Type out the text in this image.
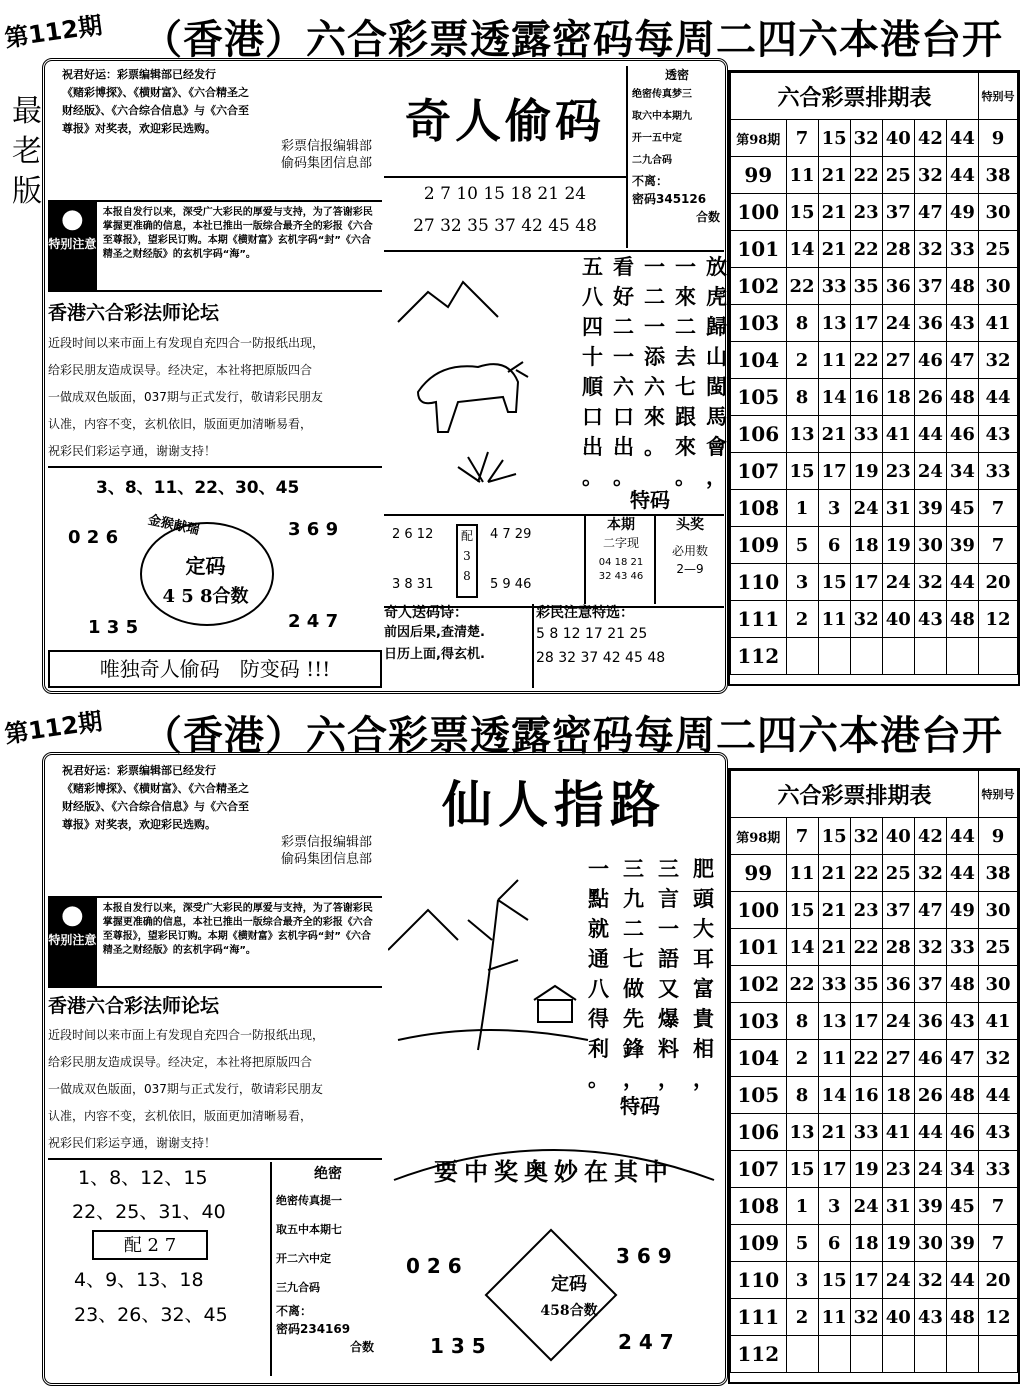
第112期 （香港）六合彩票透露密码每周二四六本港台开
最
老
版
祝君好运：彩票编辑部已经发行
《赌彩博探》、《横财富》、《六合精圣之
财经版》、《六合综合信息》与《六合至
尊报》对奖表，欢迎彩民选购。
彩票信报编辑部
偷码集团信息部
●
特别注意
本报自发行以来，深受广大彩民的厚爱与支持，为了答谢彩民掌握更准确的信息，本社已推出一版综合最齐全的彩报《六合至尊报》，望彩民订购。本期《横财富》玄机字码“封”《六合精圣之财经版》的玄机字码“海”。
香港六合彩法师论坛
近段时间以来市面上有发现自充四合一防报纸出现，
给彩民朋友造成误导。经决定，本社将把原版四合
一做成双色版面，037期与正式发行，敬请彩民朋友
认准，内容不变，玄机依旧，版面更加清晰易看，
祝彩民们彩运亨通，谢谢支持！
3、8、11、22、30、45
金猴献瑞
0 2 6	3 6 9
定码
4 5 8合数
1 3 5	2 4 7
唯独奇人偷码　防变码 !!!
奇人偷码
2 7 10 15 18 21 24
27 32 35 37 42 45 48
透密
绝密传真梦三
取六中本期九
开一五中定
二九合码
不离：
密码345126
合数
放
虎
歸
山
閩
馬
會
，
一
來
二
去
七
跟
來
。
一
二
一
添
六
來
。
看
好
二
一
六
口
出
。
五
八
四
十
順
口
出
。
特码
2 6 12
3 8 31
配
3 8
4 7 29
5 9 46
本期
二字现
04 18 21
32 43 46
头奖
必用数
2—9
奇人送码诗：
前因后果,查清楚.
日历上面,得玄机.
彩民注意特选：
5 8 12 17 21 25
28 32 37 42 45 48
六合彩票排期表							特别号
第98期	7	15	32	40	42	44	9
99	11	21	22	25	32	44	38
100	15	21	23	37	47	49	30
101	14	21	22	28	32	33	25
102	22	33	35	36	37	48	30
103	8	13	17	24	36	43	41
104	2	11	22	27	46	47	32
105	8	14	16	18	26	48	44
106	13	21	33	41	44	46	43
107	15	17	19	23	24	34	33
108	1	3	24	31	39	45	7
109	5	6	18	19	30	39	7
110	3	15	17	24	32	44	20
111	2	11	32	40	43	48	12
112							
第112期 （香港）六合彩票透露密码每周二四六本港台开
祝君好运：彩票编辑部已经发行
《赌彩博探》、《横财富》、《六合精圣之
财经版》、《六合综合信息》与《六合至
尊报》对奖表，欢迎彩民选购。
彩票信报编辑部
偷码集团信息部
●
特别注意
本报自发行以来，深受广大彩民的厚爱与支持，为了答谢彩民掌握更准确的信息，本社已推出一版综合最齐全的彩报《六合至尊报》，望彩民订购。本期《横财富》玄机字码“封”《六合精圣之财经版》的玄机字码“海”。
香港六合彩法师论坛
近段时间以来市面上有发现自充四合一防报纸出现，
给彩民朋友造成误导。经决定，本社将把原版四合
一做成双色版面，037期与正式发行，敬请彩民朋友
认准，内容不变，玄机依旧，版面更加清晰易看，
祝彩民们彩运亨通，谢谢支持！
1、8、12、15
22、25、31、40
配 2 7
4、9、13、18
23、26、32、45
绝密
绝密传真提一
取五中本期七
开二六中定
三九合码
不离：
密码234169
合数
仙人指路
肥
頭
大
耳
富
貴
相
，
三
言
一
語
又
爆
料
，
三
九
二
七
做
先
鋒
，
一
點
就
通
八
得
利
。
特码
要中奖奥妙在其中
0 2 6	3 6 9
定码
458合数
1 3 5	2 4 7
六合彩票排期表							特别号
第98期	7	15	32	40	42	44	9
99	11	21	22	25	32	44	38
100	15	21	23	37	47	49	30
101	14	21	22	28	32	33	25
102	22	33	35	36	37	48	30
103	8	13	17	24	36	43	41
104	2	11	22	27	46	47	32
105	8	14	16	18	26	48	44
106	13	21	33	41	44	46	43
107	15	17	19	23	24	34	33
108	1	3	24	31	39	45	7
109	5	6	18	19	30	39	7
110	3	15	17	24	32	44	20
111	2	11	32	40	43	48	12
112							
